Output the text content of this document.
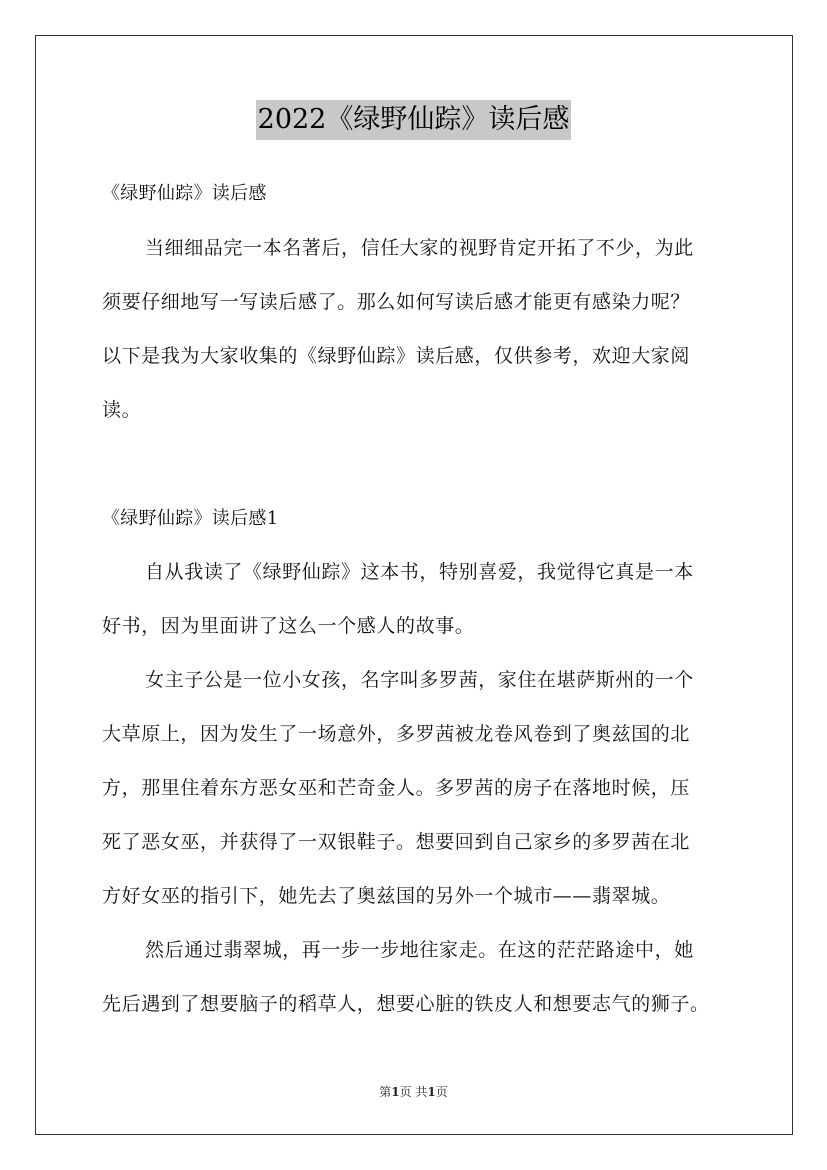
2022《绿野仙踪》读后感
《绿野仙踪》读后感
当细细品完一本名著后，信任大家的视野肯定开拓了不少，为此
须要仔细地写一写读后感了。那么如何写读后感才能更有感染力呢？
以下是我为大家收集的《绿野仙踪》读后感，仅供参考，欢迎大家阅
读。
《绿野仙踪》读后感1
自从我读了《绿野仙踪》这本书，特别喜爱，我觉得它真是一本
好书，因为里面讲了这么一个感人的故事。
女主子公是一位小女孩，名字叫多罗茜，家住在堪萨斯州的一个
大草原上，因为发生了一场意外，多罗茜被龙卷风卷到了奥兹国的北
方，那里住着东方恶女巫和芒奇金人。多罗茜的房子在落地时候，压
死了恶女巫，并获得了一双银鞋子。想要回到自己家乡的多罗茜在北
方好女巫的指引下，她先去了奥兹国的另外一个城市——翡翠城。
然后通过翡翠城，再一步一步地往家走。在这的茫茫路途中，她
先后遇到了想要脑子的稻草人，想要心脏的铁皮人和想要志气的狮子。
第1页 共1页
